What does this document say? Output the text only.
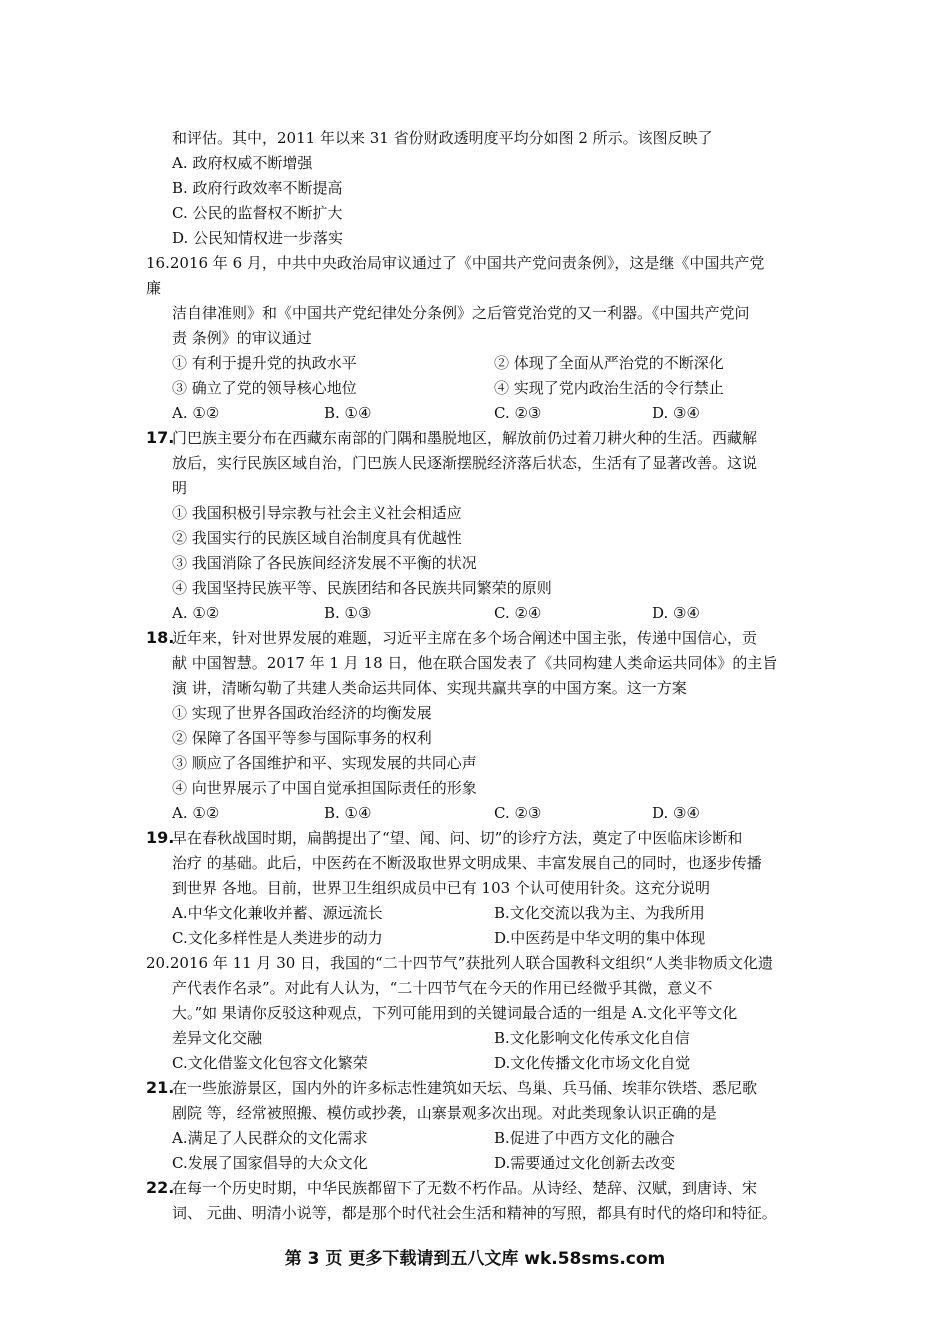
和评估。其中，2011 年以来 31 省份财政透明度平均分如图 2 所示。该图反映了
A. 政府权威不断增强
B. 政府行政效率不断提高
C. 公民的监督权不断扩大
D. 公民知情权进一步落实
16.2016 年 6 月，中共中央政治局审议通过了《中国共产党问责条例》，这是继《中国共产党
廉
洁自律准则》和《中国共产党纪律处分条例》之后管党治党的又一利器。《中国共产党问
责 条例》的审议通过
① 有利于提升党的执政水平	② 体现了全面从严治党的不断深化
③ 确立了党的领导核心地位	④ 实现了党内政治生活的令行禁止
A. ①②	B. ①④	C. ②③	D. ③④
17.
门巴族主要分布在西藏东南部的门隅和墨脱地区，解放前仍过着刀耕火种的生活。西藏解
放后，实行民族区域自治，门巴族人民逐渐摆脱经济落后状态，生活有了显著改善。这说
明
① 我国积极引导宗教与社会主义社会相适应
② 我国实行的民族区域自治制度具有优越性
③ 我国消除了各民族间经济发展不平衡的状况
④ 我国坚持民族平等、民族团结和各民族共同繁荣的原则
A. ①②	B. ①③	C. ②④	D. ③④
18.
近年来，针对世界发展的难题，习近平主席在多个场合阐述中国主张，传递中国信心，贡
献 中国智慧。2017 年 1 月 18 日，他在联合国发表了《共同构建人类命运共同体》的主旨
演 讲，清晰勾勒了共建人类命运共同体、实现共赢共享的中国方案。这一方案
① 实现了世界各国政治经济的均衡发展
② 保障了各国平等参与国际事务的权利
③ 顺应了各国维护和平、实现发展的共同心声
④ 向世界展示了中国自觉承担国际责任的形象
A. ①②	B. ①④	C. ②③	D. ③④
19.
早在春秋战国时期，扁鹊提出了“望、闻、问、切”的诊疗方法，奠定了中医临床诊断和
治疗 的基础。此后，中医药在不断汲取世界文明成果、丰富发展自己的同时，也逐步传播
到世界 各地。目前，世界卫生组织成员中已有 103 个认可使用针灸。这充分说明
A.中华文化兼收并蓄、源远流长	B.文化交流以我为主、为我所用
C.文化多样性是人类进步的动力	D.中医药是中华文明的集中体现
20.2016 年 11 月 30 日，我国的“二十四节气”获批列人联合国教科文组织“人类非物质文化遗
产代表作名录”。对此有人认为，“二十四节气在今天的作用已经微乎其微，意义不
大。”如 果请你反驳这种观点，下列可能用到的关键词最合适的一组是 A.文化平等文化
差异文化交融	B.文化影响文化传承文化自信
C.文化借鉴文化包容文化繁荣	D.文化传播文化市场文化自觉
21.
在一些旅游景区，国内外的许多标志性建筑如天坛、鸟巢、兵马俑、埃菲尔铁塔、悉尼歌
剧院 等，经常被照搬、模仿或抄袭，山寨景观多次出现。对此类现象认识正确的是
A.满足了人民群众的文化需求	B.促进了中西方文化的融合
C.发展了国家倡导的大众文化	D.需要通过文化创新去改变
22.
在每一个历史时期，中华民族都留下了无数不朽作品。从诗经、楚辞、汉赋，到唐诗、宋
词、 元曲、明清小说等，都是那个时代社会生活和精神的写照，都具有时代的烙印和特征。
第 3 页 更多下载请到五八文库 wk.58sms.com
